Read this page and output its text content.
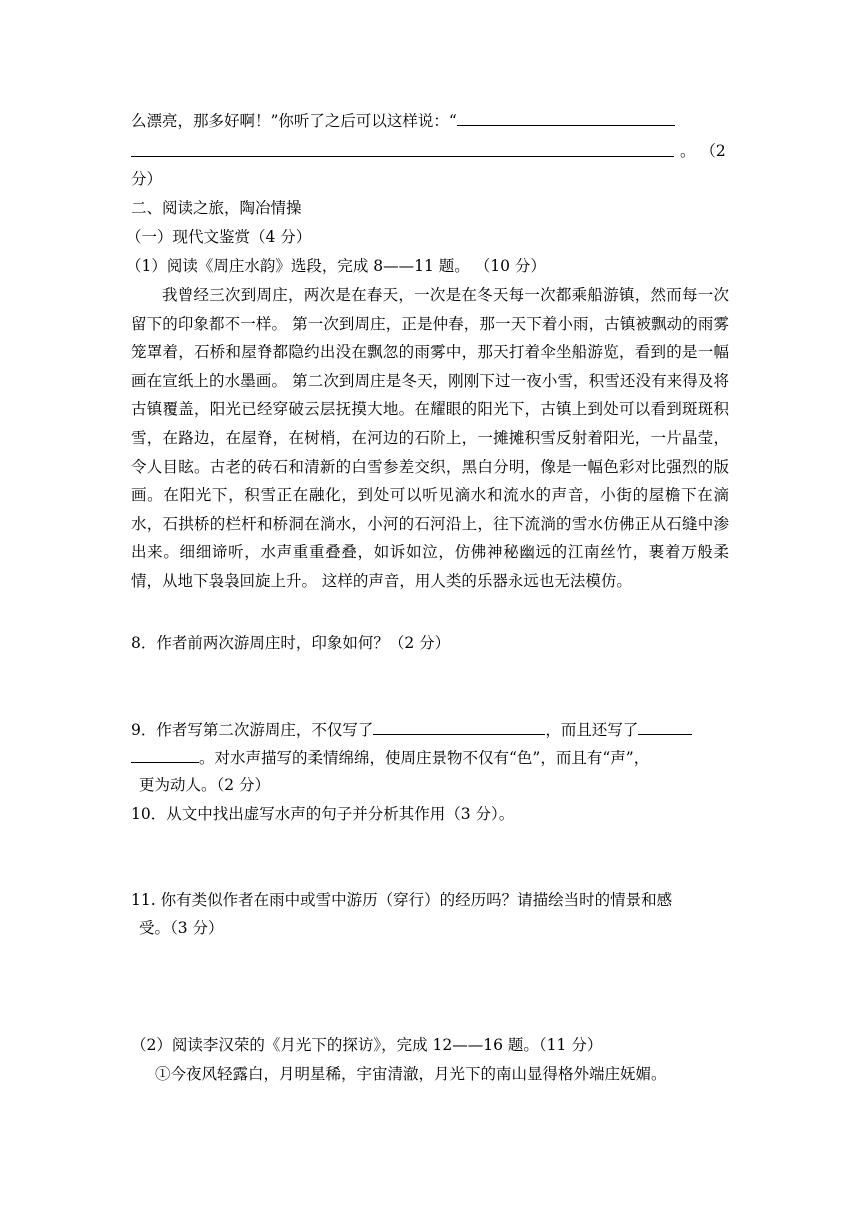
么漂亮，那多好啊！”你听了之后可以这样说：“
。 （2
分）
二、阅读之旅，陶冶情操
（一）现代文鉴赏（4 分）
（1）阅读《周庄水韵》选段，完成 8——11 题。 （10 分）

我曾经三次到周庄，两次是在春天，一次是在冬天每一次都乘船游镇，然而每一次留下的印象都不一样。 第一次到周庄，正是仲春，那一天下着小雨，古镇被飘动的雨雾笼罩着，石桥和屋脊都隐约出没在飘忽的雨雾中，那天打着伞坐船游览，看到的是一幅画在宣纸上的水墨画。 第二次到周庄是冬天，刚刚下过一夜小雪，积雪还没有来得及将古镇覆盖，阳光已经穿破云层抚摸大地。在耀眼的阳光下，古镇上到处可以看到斑斑积雪，在路边，在屋脊，在树梢，在河边的石阶上，一摊摊积雪反射着阳光，一片晶莹，令人目眩。古老的砖石和清新的白雪参差交织，黑白分明，像是一幅色彩对比强烈的版画。在阳光下，积雪正在融化，到处可以听见滴水和流水的声音，小街的屋檐下在滴水，石拱桥的栏杆和桥洞在淌水，小河的石河沿上，往下流淌的雪水仿佛正从石缝中渗出来。细细谛听，水声重重叠叠，如诉如泣，仿佛神秘幽远的江南丝竹，裹着万般柔情，从地下袅袅回旋上升。 这样的声音，用人类的乐器永远也无法模仿。

8．作者前两次游周庄时，印象如何？（2 分）
9．作者写第二次游周庄，不仅写了	，而且还写了
。对水声描写的柔情绵绵，使周庄景物不仅有“色”，而且有“声”，
更为动人。（2 分）
10．从文中找出虚写水声的句子并分析其作用（3 分）。
11. 你有类似作者在雨中或雪中游历（穿行）的经历吗？请描绘当时的情景和感
受。（3 分）
（2）阅读李汉荣的《月光下的探访》，完成 12——16 题。（11 分）
①今夜风轻露白，月明星稀，宇宙清澈，月光下的南山显得格外端庄妩媚。
